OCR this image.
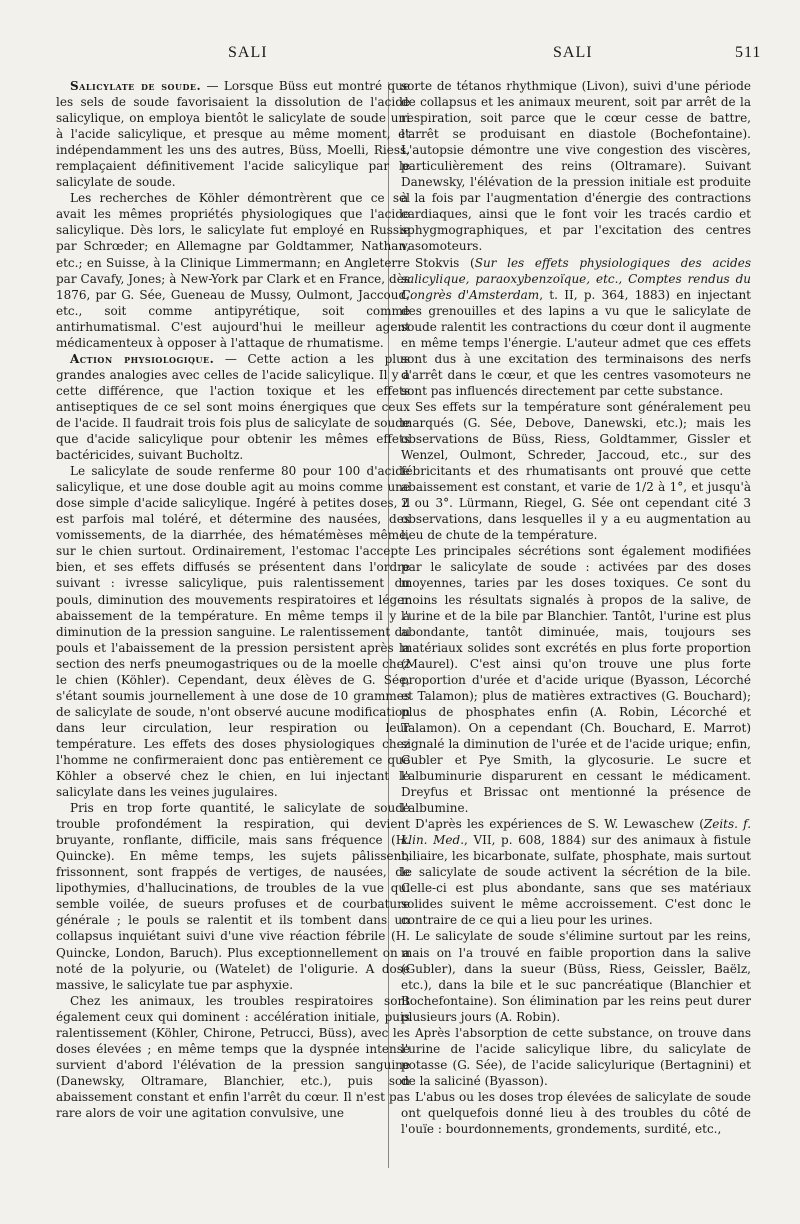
SALI	SALI	511

Salicylate de soude. — Lorsque Büss eut montré que les sels de soude favorisaient la dissolution de l'acide salicylique, on employa bientôt le salicylate de soude uni à l'acide salicylique, et presque au même moment, et indépendamment les uns des autres, Büss, Moelli, Riess, remplaçaient définitivement l'acide salicylique par le salicylate de soude.

Les recherches de Köhler démontrèrent que ce sel avait les mêmes propriétés physiologiques que l'acide salicylique. Dès lors, le salicylate fut employé en Russie par Schrœder; en Allemagne par Goldtammer, Nathan, etc.; en Suisse, à la Clinique Limmermann; en Angleterre par Cavafy, Jones; à New-York par Clark et en France, dès 1876, par G. Sée, Gueneau de Mussy, Oulmont, Jaccoud, etc., soit comme antipyrétique, soit comme antirhumatismal. C'est aujourd'hui le meilleur agent médicamenteux à opposer à l'attaque de rhumatisme.

Action physiologique. — Cette action a les plus grandes analogies avec celles de l'acide salicylique. Il y a cette différence, que l'action toxique et les effets antiseptiques de ce sel sont moins énergiques que ceux de l'acide. Il faudrait trois fois plus de salicylate de soude que d'acide salicylique pour obtenir les mêmes effets bactéricides, suivant Bucholtz.

Le salicylate de soude renferme 80 pour 100 d'acide salicylique, et une dose double agit au moins comme une dose simple d'acide salicylique. Ingéré à petites doses, il est parfois mal toléré, et détermine des nausées, des vomissements, de la diarrhée, des hématémèses même, sur le chien surtout. Ordinairement, l'estomac l'accepte bien, et ses effets diffusés se présentent dans l'ordre suivant : ivresse salicylique, puis ralentissement du pouls, diminution des mouvements respiratoires et léger abaissement de la température. En même temps il y a diminution de la pression sanguine. Le ralentissement du pouls et l'abaissement de la pression persistent après la section des nerfs pneumogastriques ou de la moelle chez le chien (Köhler). Cependant, deux élèves de G. Sée, s'étant soumis journellement à une dose de 10 grammes de salicylate de soude, n'ont observé aucune modification dans leur circulation, leur respiration ou leur température. Les effets des doses physiologiques chez l'homme ne confirmeraient donc pas entièrement ce que Köhler a observé chez le chien, en lui injectant le salicylate dans les veines jugulaires.

Pris en trop forte quantité, le salicylate de soude trouble profondément la respiration, qui devient bruyante, ronflante, difficile, mais sans fréquence (H. Quincke). En même temps, les sujets pâlissent, frissonnent, sont frappés de vertiges, de nausées, de lipothymies, d'hallucinations, de troubles de la vue qui semble voilée, de sueurs profuses et de courbature générale ; le pouls se ralentit et ils tombent dans un collapsus inquiétant suivi d'une vive réaction fébrile (H. Quincke, London, Baruch). Plus exceptionnellement on a noté de la polyurie, ou (Watelet) de l'oligurie. A dose massive, le salicylate tue par asphyxie.

Chez les animaux, les troubles respiratoires sont également ceux qui dominent : accélération initiale, puis ralentissement (Köhler, Chirone, Petrucci, Büss), avec les doses élevées ; en même temps que la dyspnée intense survient d'abord l'élévation de la pression sanguine (Danewsky, Oltramare, Blanchier, etc.), puis son abaissement constant et enfin l'arrêt du cœur. Il n'est pas rare alors de voir une agitation convulsive, une

sorte de tétanos rhythmique (Livon), suivi d'une période de collapsus et les animaux meurent, soit par arrêt de la respiration, soit parce que le cœur cesse de battre, l'arrêt se produisant en diastole (Bochefontaine). L'autopsie démontre une vive congestion des viscères, particulièrement des reins (Oltramare). Suivant Danewsky, l'élévation de la pression initiale est produite à la fois par l'augmentation d'énergie des contractions cardiaques, ainsi que le font voir les tracés cardio et sphygmographiques, et par l'excitation des centres vasomoteurs.

Stokvis (Sur les effets physiologiques des acides salicylique, paraoxybenzoïque, etc., Comptes rendus du Congrès d'Amsterdam, t. II, p. 364, 1883) en injectant des grenouilles et des lapins a vu que le salicylate de soude ralentit les contractions du cœur dont il augmente en même temps l'énergie. L'auteur admet que ces effets sont dus à une excitation des terminaisons des nerfs d'arrêt dans le cœur, et que les centres vasomoteurs ne sont pas influencés directement par cette substance.

Ses effets sur la température sont généralement peu marqués (G. Sée, Debove, Danewski, etc.); mais les observations de Büss, Riess, Goldtammer, Gissler et Wenzel, Oulmont, Schreder, Jaccoud, etc., sur des fébricitants et des rhumatisants ont prouvé que cette abaissement est constant, et varie de 1/2 à 1°, et jusqu'à 2 ou 3°. Lürmann, Riegel, G. Sée ont cependant cité 3 observations, dans lesquelles il y a eu augmentation au lieu de chute de la température.

Les principales sécrétions sont également modifiées par le salicylate de soude : activées par des doses moyennes, taries par les doses toxiques. Ce sont du moins les résultats signalés à propos de la salive, de l'urine et de la bile par Blanchier. Tantôt, l'urine est plus abondante, tantôt diminuée, mais, toujours ses matériaux solides sont excrétés en plus forte proportion (Maurel). C'est ainsi qu'on trouve une plus forte proportion d'urée et d'acide urique (Byasson, Lécorché et Talamon); plus de matières extractives (G. Bouchard); plus de phosphates enfin (A. Robin, Lécorché et Talamon). On a cependant (Ch. Bouchard, E. Marrot) signalé la diminution de l'urée et de l'acide urique; enfin, Gubler et Pye Smith, la glycosurie. Le sucre et l'albuminurie disparurent en cessant le médicament. Dreyfus et Brissac ont mentionné la présence de l'albumine.

D'après les expériences de S. W. Lewaschew (Zeits. f. klin. Med., VII, p. 608, 1884) sur des animaux à fistule biliaire, les bicarbonate, sulfate, phosphate, mais surtout le salicylate de soude activent la sécrétion de la bile. Celle-ci est plus abondante, sans que ses matériaux solides suivent le même accroissement. C'est donc le contraire de ce qui a lieu pour les urines.

Le salicylate de soude s'élimine surtout par les reins, mais on l'a trouvé en faible proportion dans la salive (Gubler), dans la sueur (Büss, Riess, Geissler, Baëlz, etc.), dans la bile et le suc pancréatique (Blanchier et Bochefontaine). Son élimination par les reins peut durer plusieurs jours (A. Robin).

Après l'absorption de cette substance, on trouve dans l'urine de l'acide salicylique libre, du salicylate de potasse (G. Sée), de l'acide salicylurique (Bertagnini) et de la saliciné (Byasson).

L'abus ou les doses trop élevées de salicylate de soude ont quelquefois donné lieu à des troubles du côté de l'ouïe : bourdonnements, grondements, surdité, etc.,
